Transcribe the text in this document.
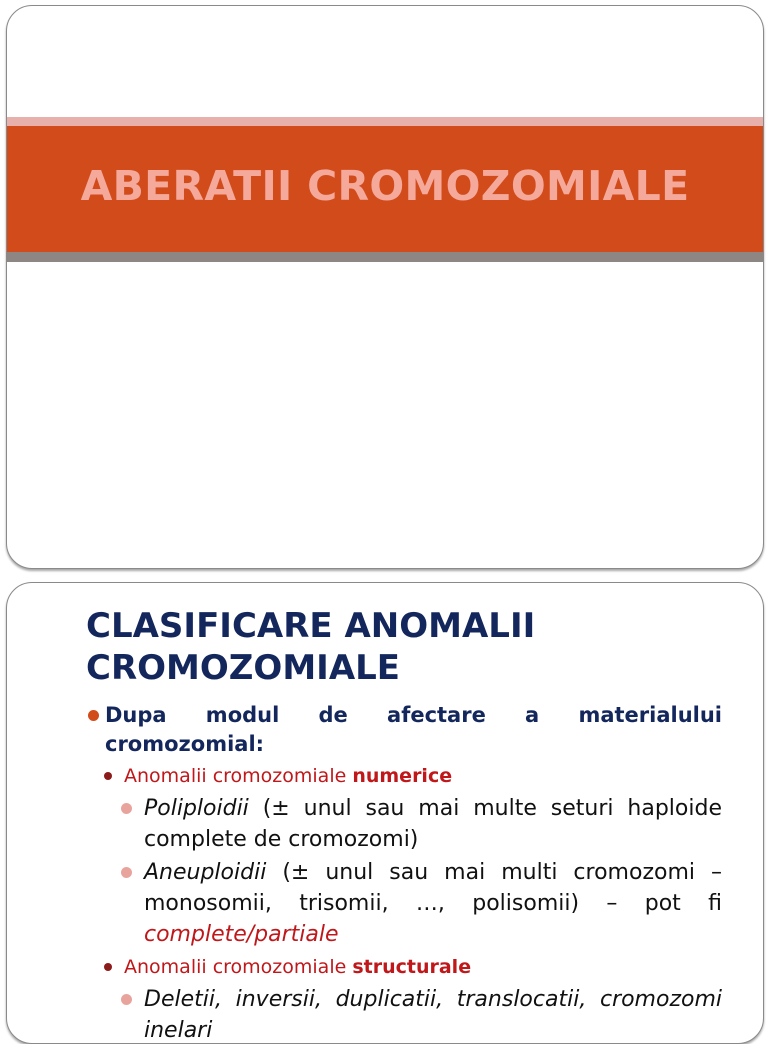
ABERATII CROMOZOMIALE
CLASIFICARE ANOMALII CROMOZOMIALE
Dupa modul de afectare a materialului cromozomial:
Anomalii cromozomiale numerice
Poliploidii (± unul sau mai multe seturi haploide complete de cromozomi)
Aneuploidii (± unul sau mai multi cromozomi – monosomii, trisomii, …, polisomii) – pot fi complete/partiale
Anomalii cromozomiale structurale
Deletii, inversii, duplicatii, translocatii, cromozomi inelari
